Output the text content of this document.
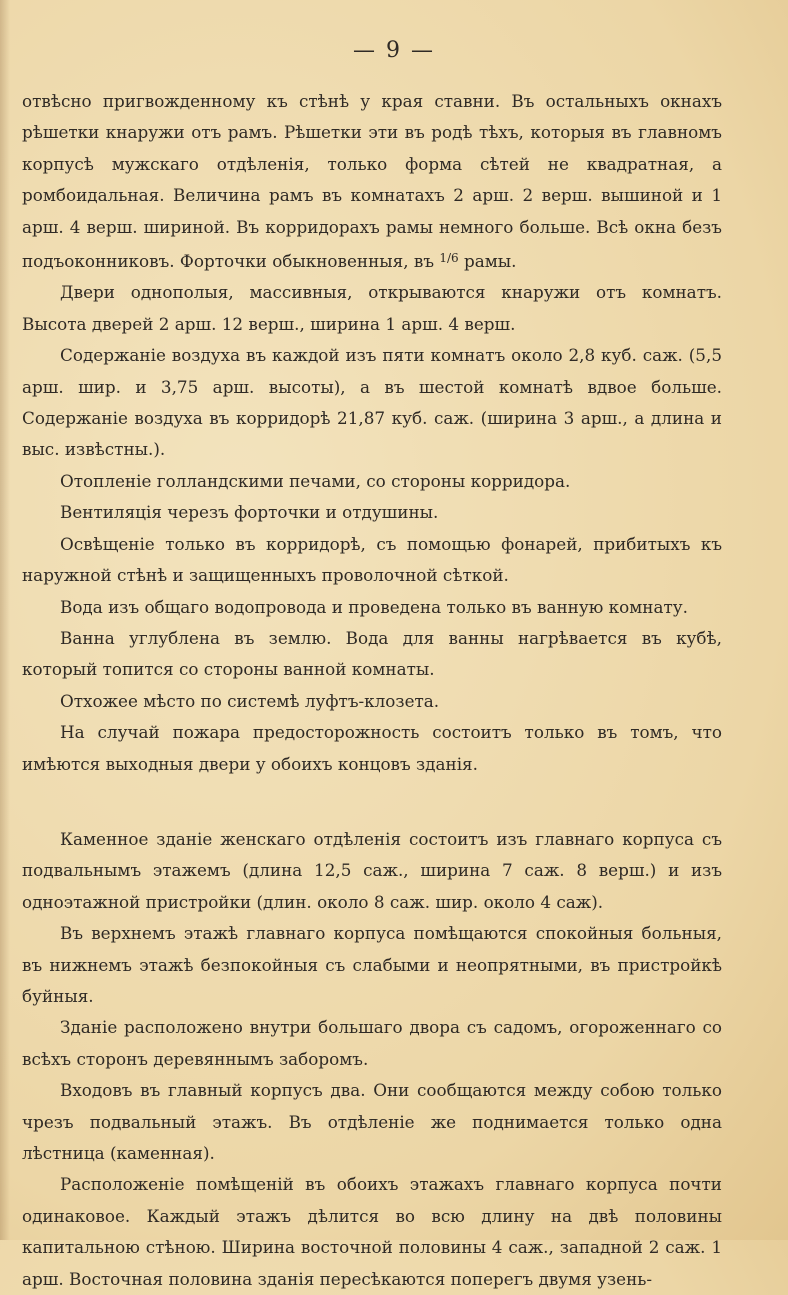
— 9 —

отвѣсно пригвожденному къ стѣнѣ у края ставни. Въ остальныхъ окнахъ рѣшетки кнаружи отъ рамъ. Рѣшетки эти въ родѣ тѣхъ, которыя въ главномъ корпусѣ мужскаго отдѣленія, только форма сѣтей не квадратная, а ромбоидальная. Величина рамъ въ комнатахъ 2 арш. 2 верш. вышиной и 1 арш. 4 верш. шириной. Въ корридорахъ рамы немного больше. Всѣ окна безъ подъоконниковъ. Форточки обыкновенныя, въ $^{1/6}$ рамы.

Двери однополыя, массивныя, открываются кнаружи отъ комнатъ. Высота дверей 2 арш. 12 верш., ширина 1 арш. 4 верш.

Содержаніе воздуха въ каждой изъ пяти комнатъ около 2,8 куб. саж. (5,5 арш. шир. и 3,75 арш. высоты), а въ шестой комнатѣ вдвое больше. Содержаніе воздуха въ корридорѣ 21,87 куб. саж. (ширина 3 арш., а длина и выс. извѣстны.).

Отопленіе голландскими печами, со стороны корридора.

Вентиляція черезъ форточки и отдушины.

Освѣщеніе только въ корридорѣ, съ помощью фонарей, прибитыхъ къ наружной стѣнѣ и защищенныхъ проволочной сѣткой.

Вода изъ общаго водопровода и проведена только въ ванную комнату.

Ванна углублена въ землю. Вода для ванны нагрѣвается въ кубѣ, который топится со стороны ванной комнаты.

Отхожее мѣсто по системѣ луфтъ-клозета.

На случай пожара предосторожность состоитъ только въ томъ, что имѣются выходныя двери у обоихъ концовъ зданія.

Каменное зданіе женскаго отдѣленія состоитъ изъ главнаго корпуса съ подвальнымъ этажемъ (длина 12,5 саж., ширина 7 саж. 8 верш.) и изъ одноэтажной пристройки (длин. около 8 саж. шир. около 4 саж).

Въ верхнемъ этажѣ главнаго корпуса помѣщаются спокойныя больныя, въ нижнемъ этажѣ безпокойныя съ слабыми и неопрятными, въ пристройкѣ буйныя.

Зданіе расположено внутри большаго двора съ садомъ, огороженнаго со всѣхъ сторонъ деревяннымъ заборомъ.

Входовъ въ главный корпусъ два. Они сообщаются между собою только чрезъ подвальный этажъ. Въ отдѣленіе же поднимается только одна лѣстница (каменная).

Расположеніе помѣщеній въ обоихъ этажахъ главнаго корпуса почти одинаковое. Каждый этажъ дѣлится во всю длину на двѣ половины капитальною стѣною. Ширина восточной половины 4 саж., западной 2 саж. 1 арш. Восточная половина зданія пересѣкаются поперегъ двумя узень-
